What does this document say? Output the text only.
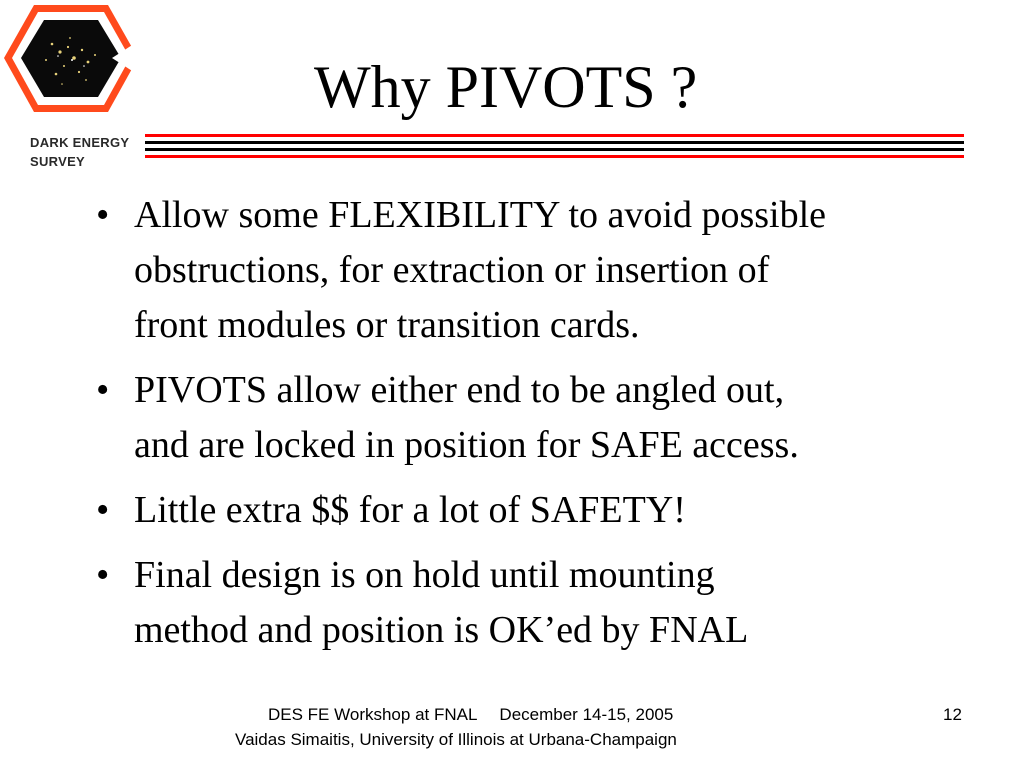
DARK ENERGY
SURVEY
Why PIVOTS ?
• Allow some FLEXIBILITY to avoid possible
obstructions, for extraction or insertion of
front modules or transition cards.
• PIVOTS allow either end to be angled out,
and are locked in position for SAFE access.
• Little extra $$ for a lot of SAFETY!
• Final design is on hold until mounting
method and position is OK’ed by FNAL
DES FE Workshop at FNAL December 14-15, 2005
Vaidas Simaitis, University of Illinois at Urbana-Champaign
12
